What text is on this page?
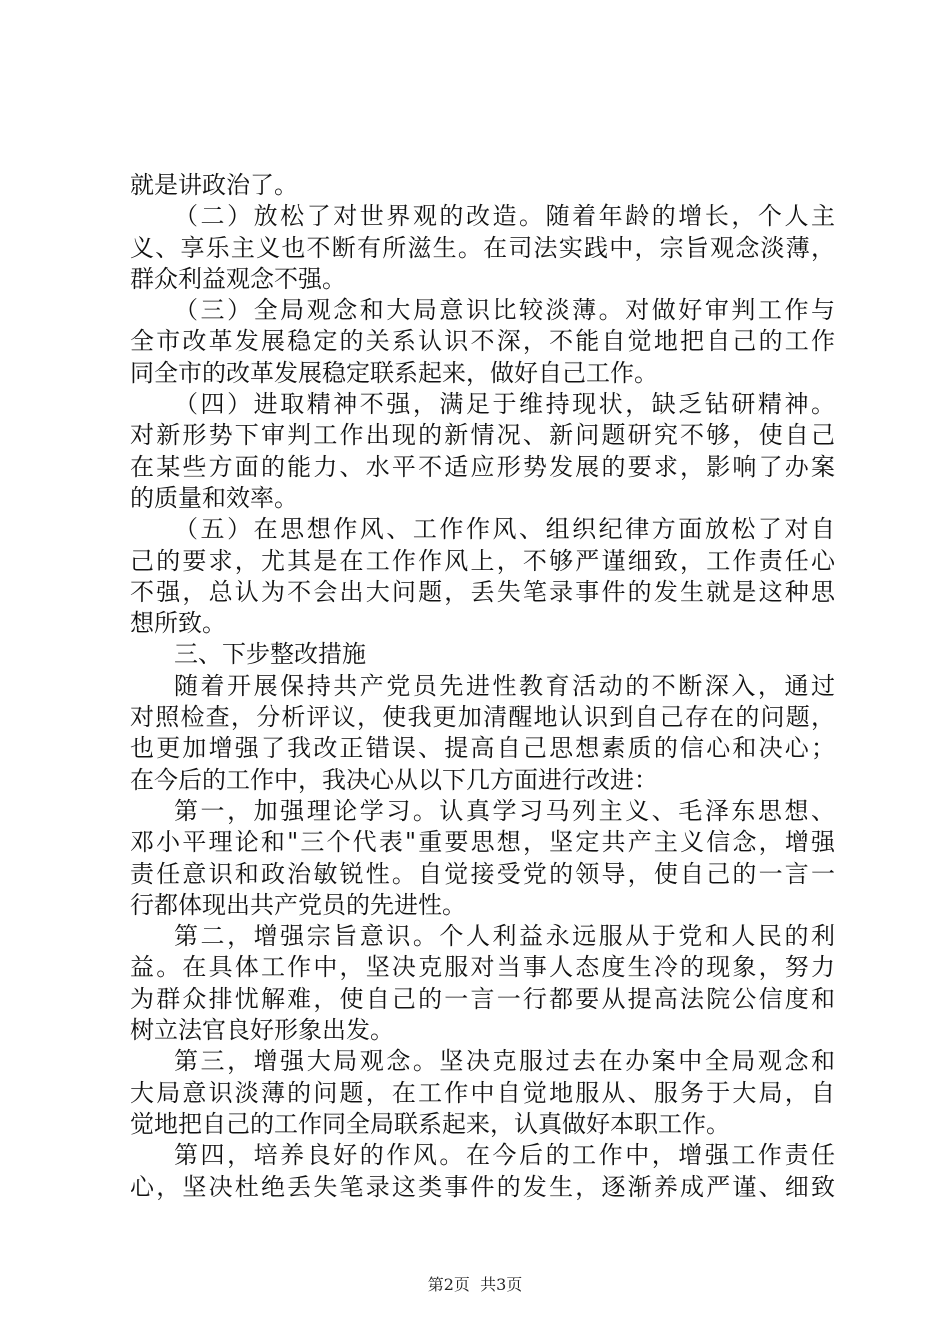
就是讲政治了。
（二）放松了对世界观的改造。随着年龄的增长，个人主
义、享乐主义也不断有所滋生。在司法实践中，宗旨观念淡薄，
群众利益观念不强。
（三）全局观念和大局意识比较淡薄。对做好审判工作与
全市改革发展稳定的关系认识不深，不能自觉地把自己的工作
同全市的改革发展稳定联系起来，做好自己工作。
（四）进取精神不强，满足于维持现状，缺乏钻研精神。
对新形势下审判工作出现的新情况、新问题研究不够，使自己
在某些方面的能力、水平不适应形势发展的要求，影响了办案
的质量和效率。
（五）在思想作风、工作作风、组织纪律方面放松了对自
己的要求，尤其是在工作作风上，不够严谨细致，工作责任心
不强，总认为不会出大问题，丢失笔录事件的发生就是这种思
想所致。
三、下步整改措施
随着开展保持共产党员先进性教育活动的不断深入，通过
对照检查，分析评议，使我更加清醒地认识到自己存在的问题，
也更加增强了我改正错误、提高自己思想素质的信心和决心；
在今后的工作中，我决心从以下几方面进行改进：
第一，加强理论学习。认真学习马列主义、毛泽东思想、
邓小平理论和"三个代表"重要思想，坚定共产主义信念，增强
责任意识和政治敏锐性。自觉接受党的领导，使自己的一言一
行都体现出共产党员的先进性。
第二，增强宗旨意识。个人利益永远服从于党和人民的利
益。在具体工作中，坚决克服对当事人态度生冷的现象，努力
为群众排忧解难，使自己的一言一行都要从提高法院公信度和
树立法官良好形象出发。
第三，增强大局观念。坚决克服过去在办案中全局观念和
大局意识淡薄的问题，在工作中自觉地服从、服务于大局，自
觉地把自己的工作同全局联系起来，认真做好本职工作。
第四，培养良好的作风。在今后的工作中，增强工作责任
心，坚决杜绝丢失笔录这类事件的发生，逐渐养成严谨、细致
第2页  共3页
